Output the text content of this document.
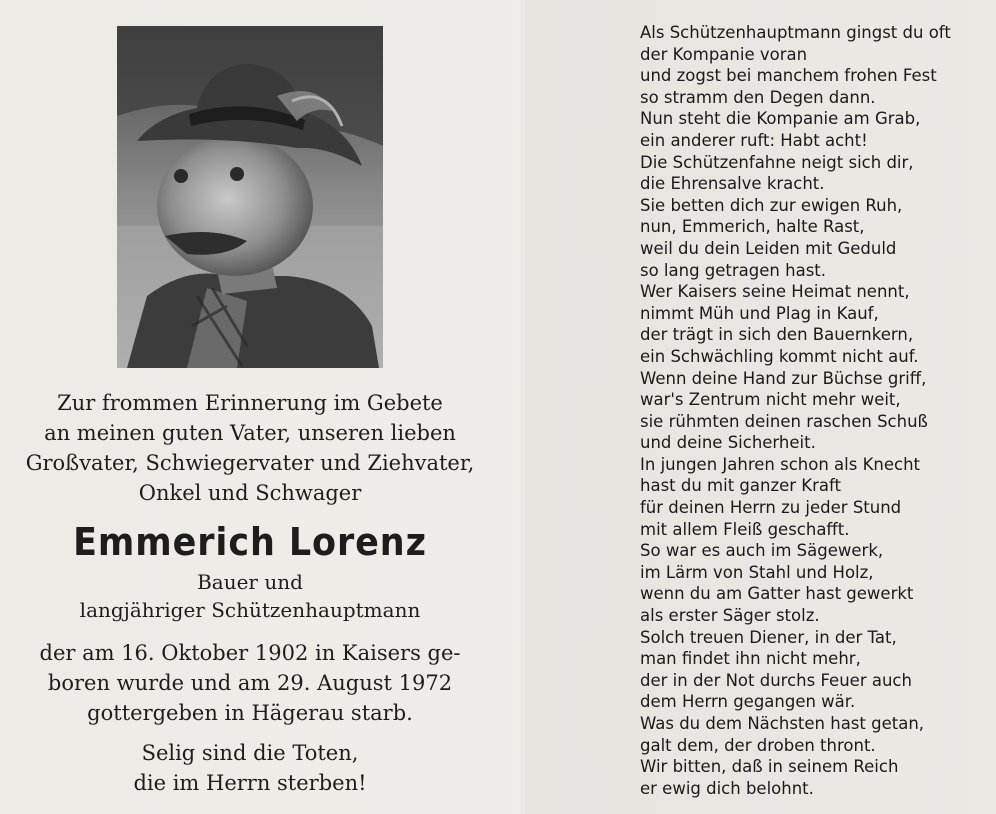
Zur frommen Erinnerung im Gebete
an meinen guten Vater, unseren lieben
Großvater, Schwiegervater und Ziehvater,
Onkel und Schwager
Emmerich Lorenz
Bauer und
langjähriger Schützenhauptmann
der am 16. Oktober 1902 in Kaisers ge-
boren wurde und am 29. August 1972
gottergeben in Hägerau starb.
Selig sind die Toten,
die im Herrn sterben!
Als Schützenhauptmann gingst du oft
der Kompanie voran
und zogst bei manchem frohen Fest
so stramm den Degen dann.
Nun steht die Kompanie am Grab,
ein anderer ruft: Habt acht!
Die Schützenfahne neigt sich dir,
die Ehrensalve kracht.
Sie betten dich zur ewigen Ruh,
nun, Emmerich, halte Rast,
weil du dein Leiden mit Geduld
so lang getragen hast.
Wer Kaisers seine Heimat nennt,
nimmt Müh und Plag in Kauf,
der trägt in sich den Bauernkern,
ein Schwächling kommt nicht auf.
Wenn deine Hand zur Büchse griff,
war's Zentrum nicht mehr weit,
sie rühmten deinen raschen Schuß
und deine Sicherheit.
In jungen Jahren schon als Knecht
hast du mit ganzer Kraft
für deinen Herrn zu jeder Stund
mit allem Fleiß geschafft.
So war es auch im Sägewerk,
im Lärm von Stahl und Holz,
wenn du am Gatter hast gewerkt
als erster Säger stolz.
Solch treuen Diener, in der Tat,
man findet ihn nicht mehr,
der in der Not durchs Feuer auch
dem Herrn gegangen wär.
Was du dem Nächsten hast getan,
galt dem, der droben thront.
Wir bitten, daß in seinem Reich
er ewig dich belohnt.
